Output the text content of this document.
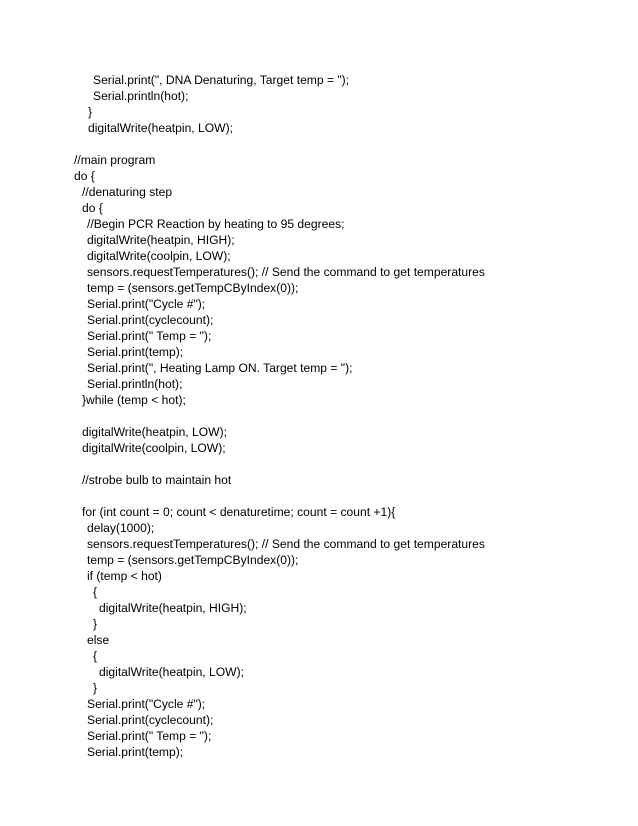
Serial.print(", DNA Denaturing, Target temp = ");
Serial.println(hot);
}
digitalWrite(heatpin, LOW);
//main program
do {
//denaturing step
do {
//Begin PCR Reaction by heating to 95 degrees;
digitalWrite(heatpin, HIGH);
digitalWrite(coolpin, LOW);
sensors.requestTemperatures(); // Send the command to get temperatures
temp = (sensors.getTempCByIndex(0));
Serial.print("Cycle #");
Serial.print(cyclecount);
Serial.print(" Temp = ");
Serial.print(temp);
Serial.print(", Heating Lamp ON. Target temp = ");
Serial.println(hot);
}while (temp < hot);
digitalWrite(heatpin, LOW);
digitalWrite(coolpin, LOW);
//strobe bulb to maintain hot
for (int count = 0; count < denaturetime; count = count +1){
delay(1000);
sensors.requestTemperatures(); // Send the command to get temperatures
temp = (sensors.getTempCByIndex(0));
if (temp < hot)
{
digitalWrite(heatpin, HIGH);
}
else
{
digitalWrite(heatpin, LOW);
}
Serial.print("Cycle #");
Serial.print(cyclecount);
Serial.print(" Temp = ");
Serial.print(temp);
